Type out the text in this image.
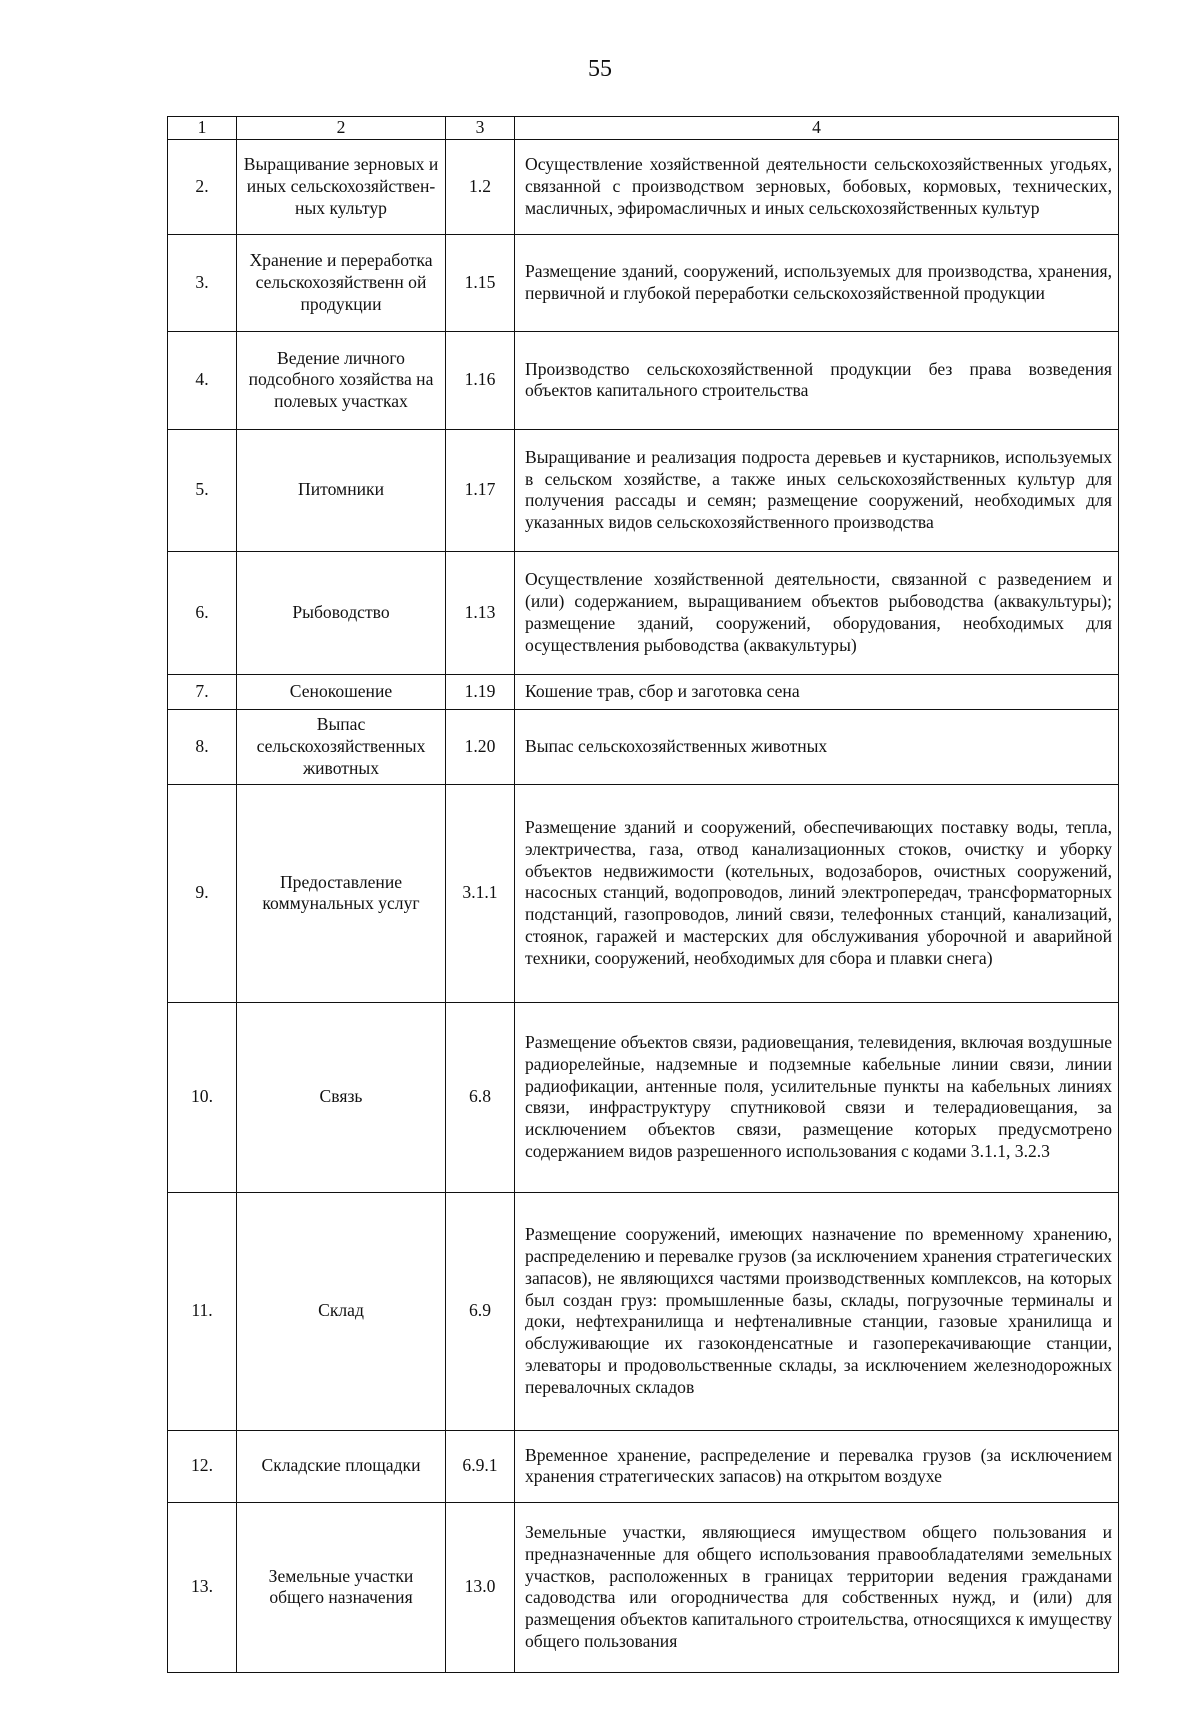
55
1	2	3	4
2.	Выращивание зерновых и иных сельскохозяйствен-ных культур	1.2	Осуществление хозяйственной деятельности сельскохозяйственных угодьях, связанной с производством зерновых, бобовых, кормовых, технических, масличных, эфиромасличных и иных сельскохозяйственных культур
3.	Хранение и переработка сельскохозяйственн ой продукции	1.15	Размещение зданий, сооружений, используемых для производства, хранения, первичной и глубокой переработки сельскохозяйственной продукции
4.	Ведение личного подсобного хозяйства на полевых участках	1.16	Производство сельскохозяйственной продукции без права возведения объектов капитального строительства
5.	Питомники	1.17	Выращивание и реализация подроста деревьев и кустарников, используемых в сельском хозяйстве, а также иных сельскохозяйственных культур для получения рассады и семян; размещение сооружений, необходимых для указанных видов сельскохозяйственного производства
6.	Рыбоводство	1.13	Осуществление хозяйственной деятельности, связанной с разведением и (или) содержанием, выращиванием объектов рыбоводства (аквакультуры); размещение зданий, сооружений, оборудования, необходимых для осуществления рыбоводства (аквакультуры)
7.	Сенокошение	1.19	Кошение трав, сбор и заготовка сена
8.	Выпас сельскохозяйственных животных	1.20	Выпас сельскохозяйственных животных
9.	Предоставление коммунальных услуг	3.1.1	Размещение зданий и сооружений, обеспечивающих поставку воды, тепла, электричества, газа, отвод канализационных стоков, очистку и уборку объектов недвижимости (котельных, водозаборов, очистных сооружений, насосных станций, водопроводов, линий электропередач, трансформаторных подстанций, газопроводов, линий связи, телефонных станций, канализаций, стоянок, гаражей и мастерских для обслуживания уборочной и аварийной техники, сооружений, необходимых для сбора и плавки снега)
10.	Связь	6.8	Размещение объектов связи, радиовещания, телевидения, включая воздушные радиорелейные, надземные и подземные кабельные линии связи, линии радиофикации, антенные поля, усилительные пункты на кабельных линиях связи, инфраструктуру спутниковой связи и телерадиовещания, за исключением объектов связи, размещение которых предусмотрено содержанием видов разрешенного использования с кодами 3.1.1, 3.2.3
11.	Склад	6.9	Размещение сооружений, имеющих назначение по временному хранению, распределению и перевалке грузов (за исключением хранения стратегических запасов), не являющихся частями производственных комплексов, на которых был создан груз: промышленные базы, склады, погрузочные терминалы и доки, нефтехранилища и нефтеналивные станции, газовые хранилища и обслуживающие их газоконденсатные и газоперекачивающие станции, элеваторы и продовольственные склады, за исключением железнодорожных перевалочных складов
12.	Складские площадки	6.9.1	Временное хранение, распределение и перевалка грузов (за исключением хранения стратегических запасов) на открытом воздухе
13.	Земельные участки общего назначения	13.0	Земельные участки, являющиеся имуществом общего пользования и предназначенные для общего использования правообладателями земельных участков, расположенных в границах территории ведения гражданами садоводства или огородничества для собственных нужд, и (или) для размещения объектов капитального строительства, относящихся к имуществу общего пользования
